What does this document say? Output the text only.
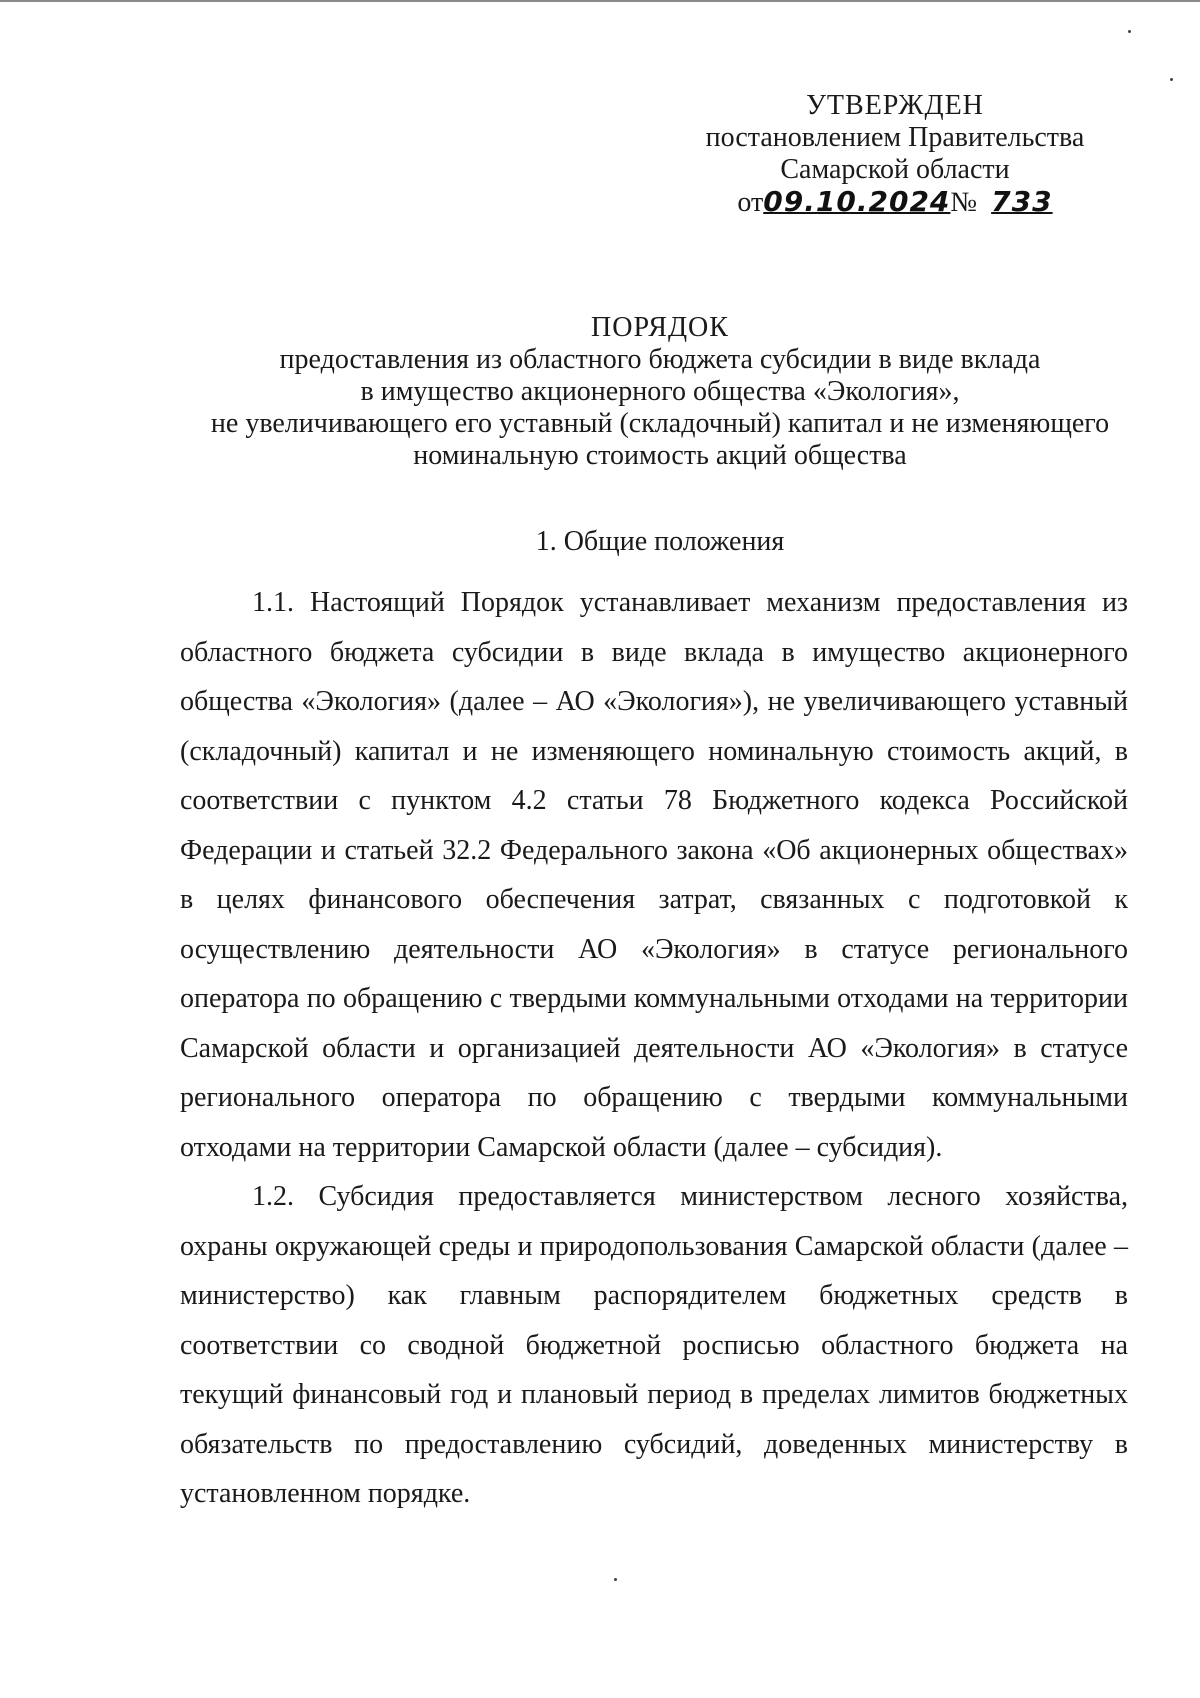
УТВЕРЖДЕН
постановлением Правительства
Самарской области
от09.10.2024№ 733
ПОРЯДОК
предоставления из областного бюджета субсидии в виде вклада
в имущество акционерного общества «Экология»,
не увеличивающего его уставный (складочный) капитал и не изменяющего
номинальную стоимость акций общества
1. Общие положения

1.1. Настоящий Порядок устанавливает механизм предоставления из областного бюджета субсидии в виде вклада в имущество акционерного общества «Экология» (далее – АО «Экология»), не увеличивающего уставный (складочный) капитал и не изменяющего номинальную стоимость акций, в соответствии с пунктом 4.2 статьи 78 Бюджетного кодекса Российской Федерации и статьей 32.2 Федерального закона «Об акционерных обществах» в целях финансового обеспечения затрат, связанных с подготовкой к осуществлению деятельности АО «Экология» в статусе регионального оператора по обращению с твердыми коммунальными отходами на территории Самарской области и организацией деятельности АО «Экология» в статусе регионального оператора по обращению с твердыми коммунальными отходами на территории Самарской области (далее – субсидия).

1.2. Субсидия предоставляется министерством лесного хозяйства, охраны окружающей среды и природопользования Самарской области (далее – министерство) как главным распорядителем бюджетных средств в соответствии со сводной бюджетной росписью областного бюджета на текущий финансовый год и плановый период в пределах лимитов бюджетных обязательств по предоставлению субсидий, доведенных министерству в установленном порядке.
